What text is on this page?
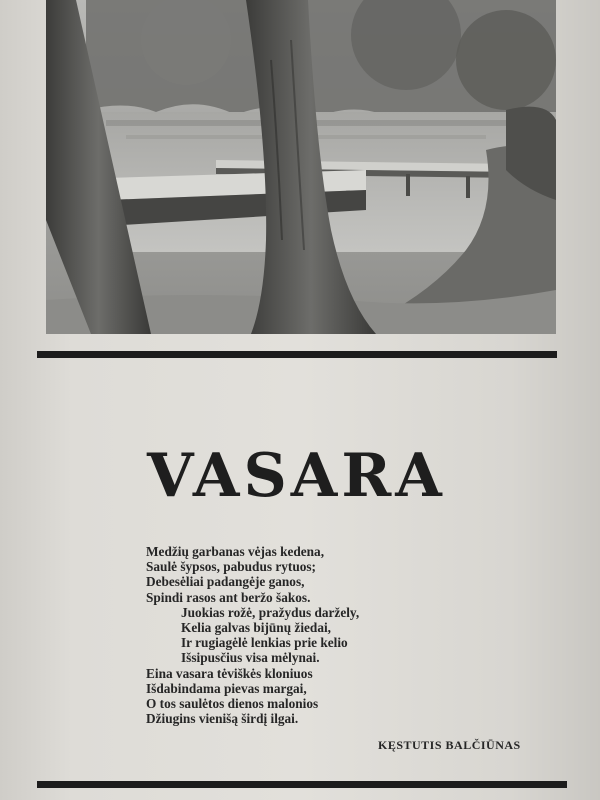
VASARA
Medžių garbanas vėjas kedena,
Saulė šypsos, pabudus rytuos;
Debesėliai padangėje ganos,
Spindi rasos ant beržo šakos.
Juokias rožė, pražydus daržely,
Kelia galvas bijūnų žiedai,
Ir rugiagėlė lenkias prie kelio
Išsipusčius visa mėlynai.
Eina vasara tėviškės kloniuos
Išdabindama pievas margai,
O tos saulėtos dienos malonios
Džiugins vienišą širdį ilgai.
KĘSTUTIS BALČIŪNAS
